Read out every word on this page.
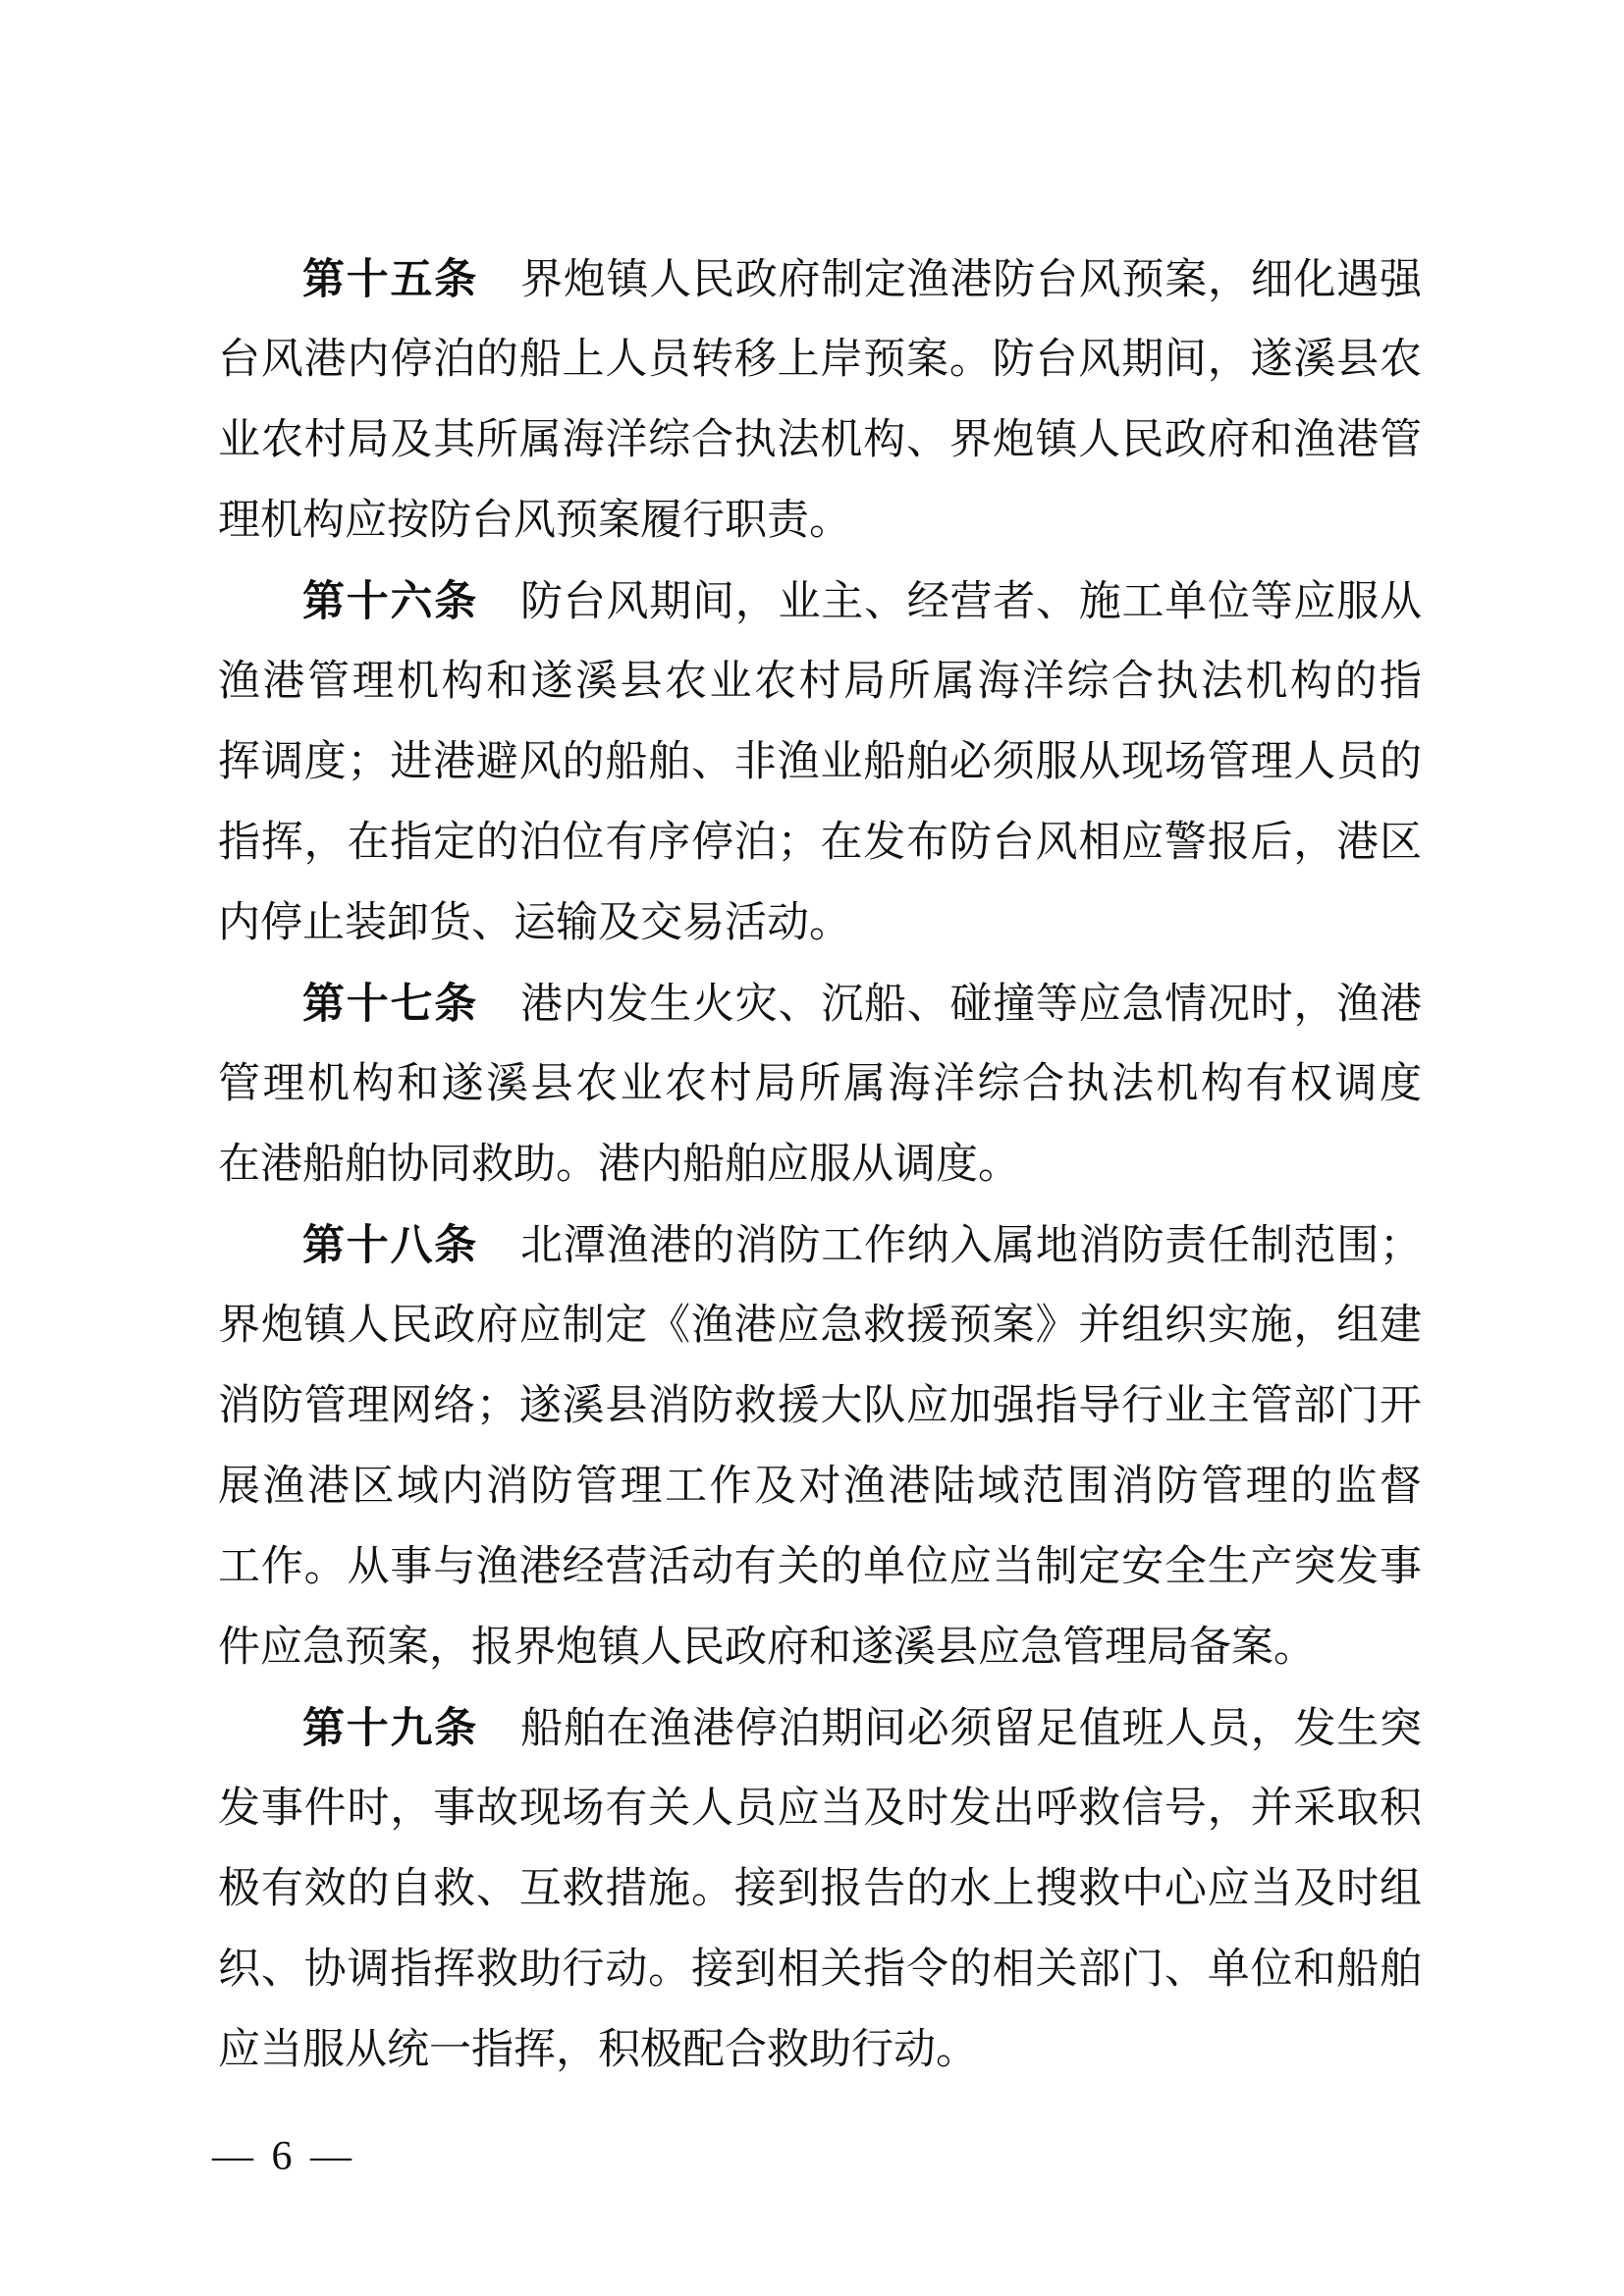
第十五条 界炮镇人民政府制定渔港防台风预案，细化遇强
台风港内停泊的船上人员转移上岸预案。防台风期间，遂溪县农
业农村局及其所属海洋综合执法机构、界炮镇人民政府和渔港管
理机构应按防台风预案履行职责。
第十六条 防台风期间，业主、经营者、施工单位等应服从
渔港管理机构和遂溪县农业农村局所属海洋综合执法机构的指
挥调度；进港避风的船舶、非渔业船舶必须服从现场管理人员的
指挥，在指定的泊位有序停泊；在发布防台风相应警报后，港区
内停止装卸货、运输及交易活动。
第十七条 港内发生火灾、沉船、碰撞等应急情况时，渔港
管理机构和遂溪县农业农村局所属海洋综合执法机构有权调度
在港船舶协同救助。港内船舶应服从调度。
第十八条 北潭渔港的消防工作纳入属地消防责任制范围；
界炮镇人民政府应制定《渔港应急救援预案》并组织实施，组建
消防管理网络；遂溪县消防救援大队应加强指导行业主管部门开
展渔港区域内消防管理工作及对渔港陆域范围消防管理的监督
工作。从事与渔港经营活动有关的单位应当制定安全生产突发事
件应急预案，报界炮镇人民政府和遂溪县应急管理局备案。
第十九条 船舶在渔港停泊期间必须留足值班人员，发生突
发事件时，事故现场有关人员应当及时发出呼救信号，并采取积
极有效的自救、互救措施。接到报告的水上搜救中心应当及时组
织、协调指挥救助行动。接到相关指令的相关部门、单位和船舶
应当服从统一指挥，积极配合救助行动。
— 6 —
